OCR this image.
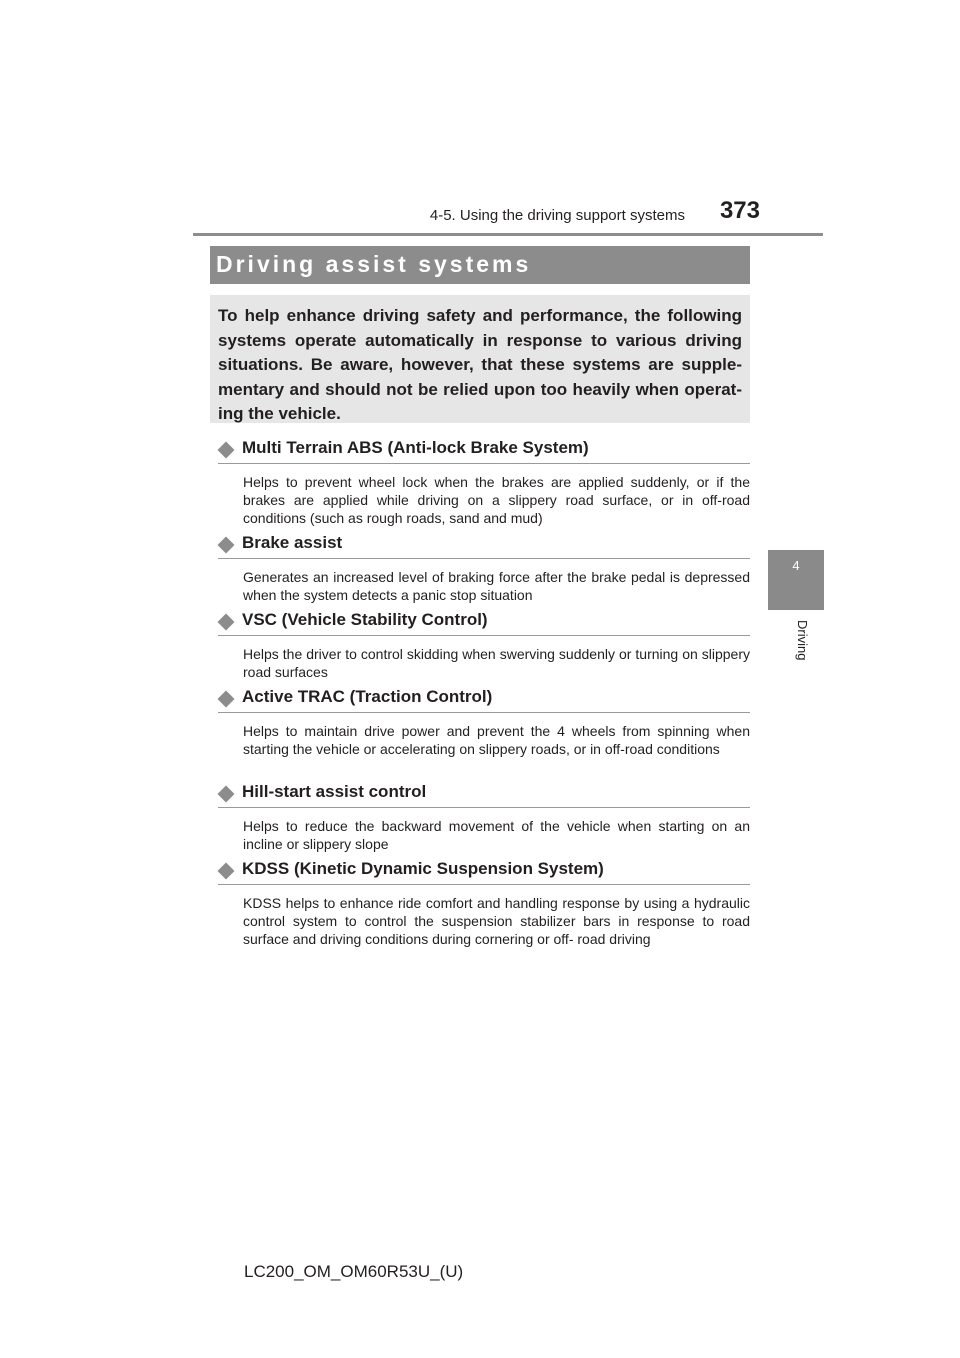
4-5. Using the driving support systems 373
4
Driving
Driving assist systems

To help enhance driving safety and performance, the following systems operate automatically in response to various driving situations. Be aware, however, that these systems are supple- mentary and should not be relied upon too heavily when operat- ing the vehicle.

Multi Terrain ABS (Anti-lock Brake System)

Helps to prevent wheel lock when the brakes are applied suddenly, or if the brakes are applied while driving on a slippery road surface, or in off-road conditions (such as rough roads, sand and mud)

Brake assist

Generates an increased level of braking force after the brake pedal is depressed when the system detects a panic stop situation

VSC (Vehicle Stability Control)

Helps the driver to control skidding when swerving suddenly or turning on slippery road surfaces

Active TRAC (Traction Control)

Helps to maintain drive power and prevent the 4 wheels from spinning when starting the vehicle or accelerating on slippery roads, or in off-road conditions

Hill-start assist control

Helps to reduce the backward movement of the vehicle when starting on an incline or slippery slope

KDSS (Kinetic Dynamic Suspension System)

KDSS helps to enhance ride comfort and handling response by using a hydraulic control system to control the suspension stabilizer bars in response to road surface and driving conditions during cornering or off- road driving

LC200_OM_OM60R53U_(U)
